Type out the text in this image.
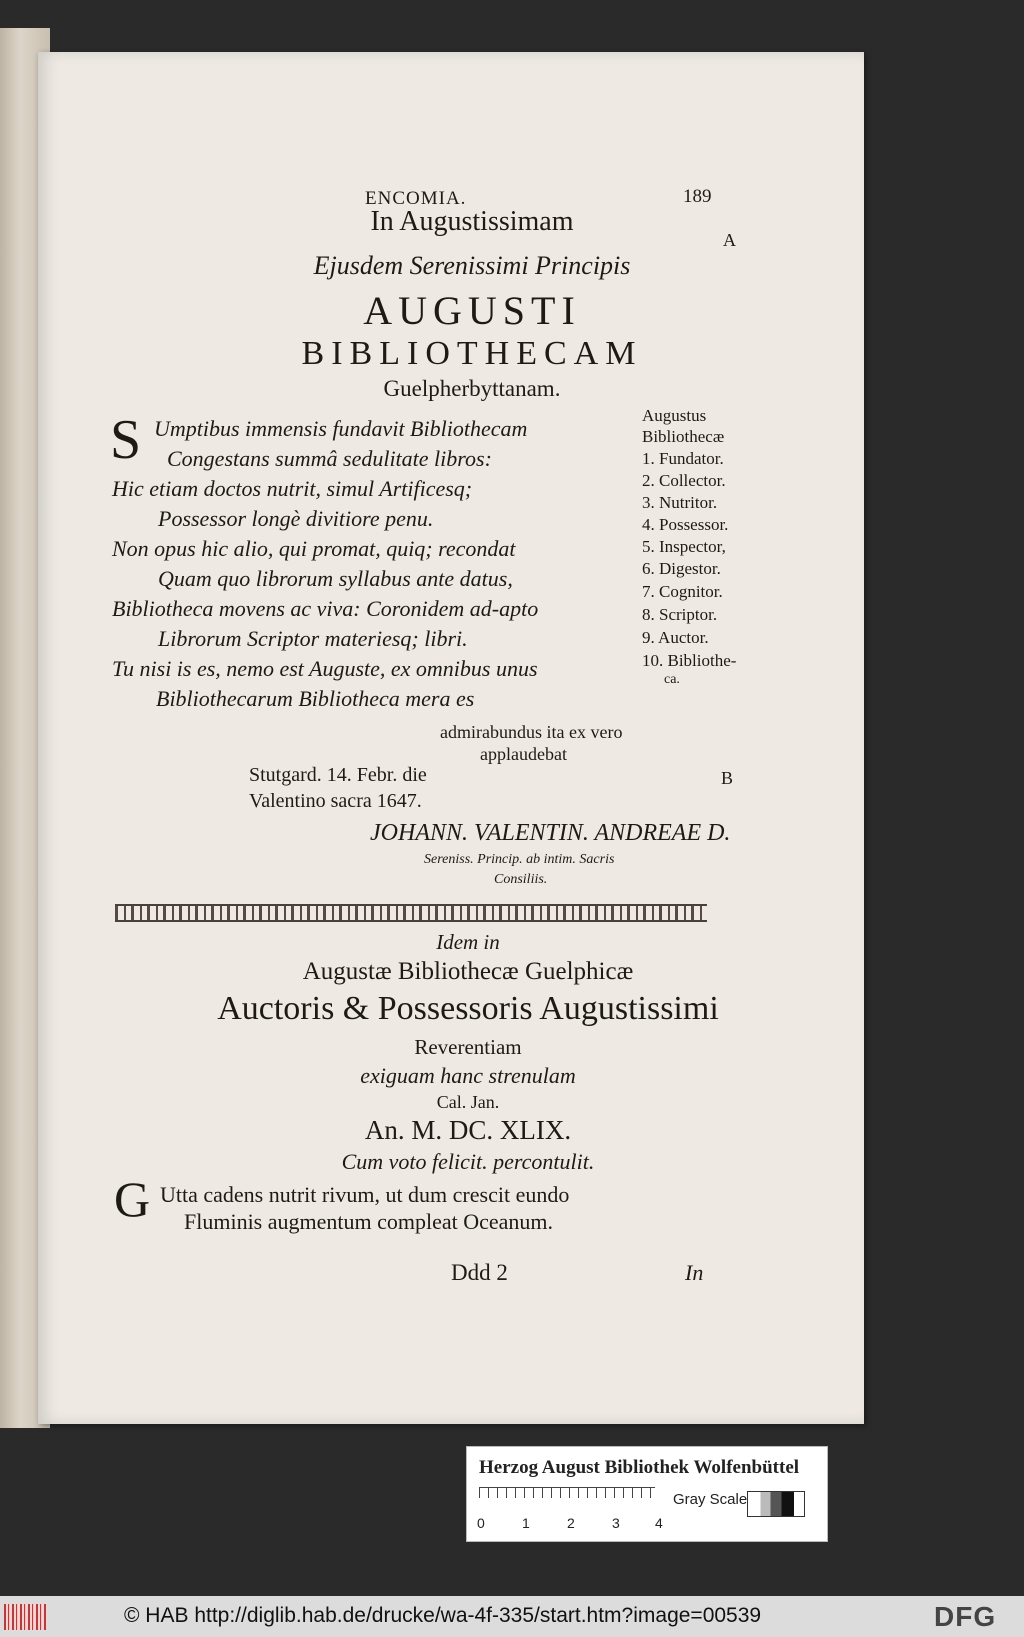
ENCOMIA.	189
A
In Augustissimam
Ejusdem Serenissimi Principis
AUGUSTI
BIBLIOTHECAM
Guelpherbyttanam.
S Umptibus immensis fundavit Bibliothecam
Congestans summâ sedulitate libros:
Hic etiam doctos nutrit, simul Artificesq;
Possessor longè divitiore penu.
Non opus hic alio, qui promat, quiq; recondat
Quam quo librorum syllabus ante datus,
Bibliotheca movens ac viva: Coronidem ad-apto
Librorum Scriptor materiesq; libri.
Tu nisi is es, nemo est Auguste, ex omnibus unus
Bibliothecarum Bibliotheca mera es
Augustus
Bibliothecæ
1. Fundator.
2. Collector.
3. Nutritor.
4. Possessor.
5. Inspector,
6. Digestor.
7. Cognitor.
8. Scriptor.
9. Auctor.
10. Bibliothe-
ca.
admirabundus ita ex vero
applaudebat
Stutgard. 14. Febr. die
Valentino sacra 1647.
B
JOHANN. VALENTIN. ANDREAE D.
Sereniss. Princip. ab intim. Sacris
Consiliis.
Idem in
Augustæ Bibliothecæ Guelphicæ
Auctoris & Possessoris Augustissimi
Reverentiam
exiguam hanc strenulam
Cal. Jan.
An. M. DC. XLIX.
Cum voto felicit. percontulit.
G Utta cadens nutrit rivum, ut dum crescit eundo
Fluminis augmentum compleat Oceanum.
Ddd 2	In
Herzog August Bibliothek Wolfenbüttel
0	1	2	3	4
Gray Scale
© HAB http://diglib.hab.de/drucke/wa-4f-335/start.htm?image=00539	DFG
